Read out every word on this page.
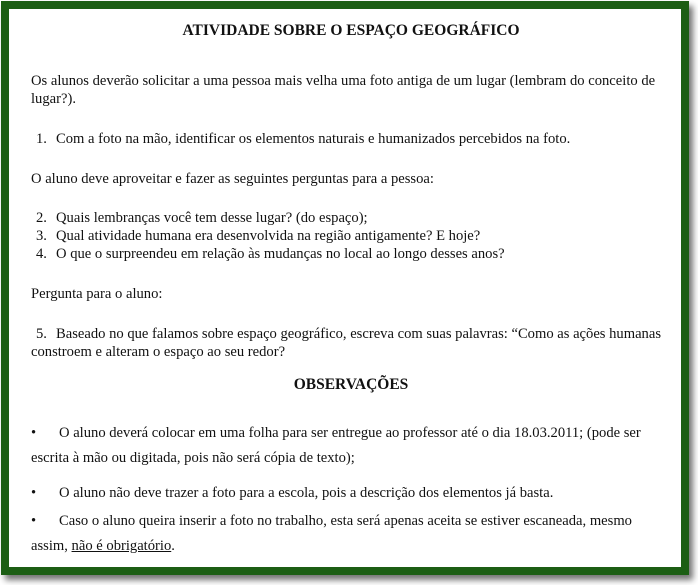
ATIVIDADE SOBRE O ESPAÇO GEOGRÁFICO
Os alunos deverão solicitar a uma pessoa mais velha uma foto antiga de um lugar (lembram do conceito de lugar?).
1. Com a foto na mão, identificar os elementos naturais e humanizados percebidos na foto.
O aluno deve aproveitar e fazer as seguintes perguntas para a pessoa:
2. Quais lembranças você tem desse lugar? (do espaço);
3. Qual atividade humana era desenvolvida na região antigamente? E hoje?
4. O que o surpreendeu em relação às mudanças no local ao longo desses anos?
Pergunta para o aluno:
5. Baseado no que falamos sobre espaço geográfico, escreva com suas palavras: “Como as ações humanas constroem e alteram o espaço ao seu redor?
OBSERVAÇÕES
• O aluno deverá colocar em uma folha para ser entregue ao professor até o dia 18.03.2011; (pode ser escrita à mão ou digitada, pois não será cópia de texto);
• O aluno não deve trazer a foto para a escola, pois a descrição dos elementos já basta.
• Caso o aluno queira inserir a foto no trabalho, esta será apenas aceita se estiver escaneada, mesmo assim, não é obrigatório.
